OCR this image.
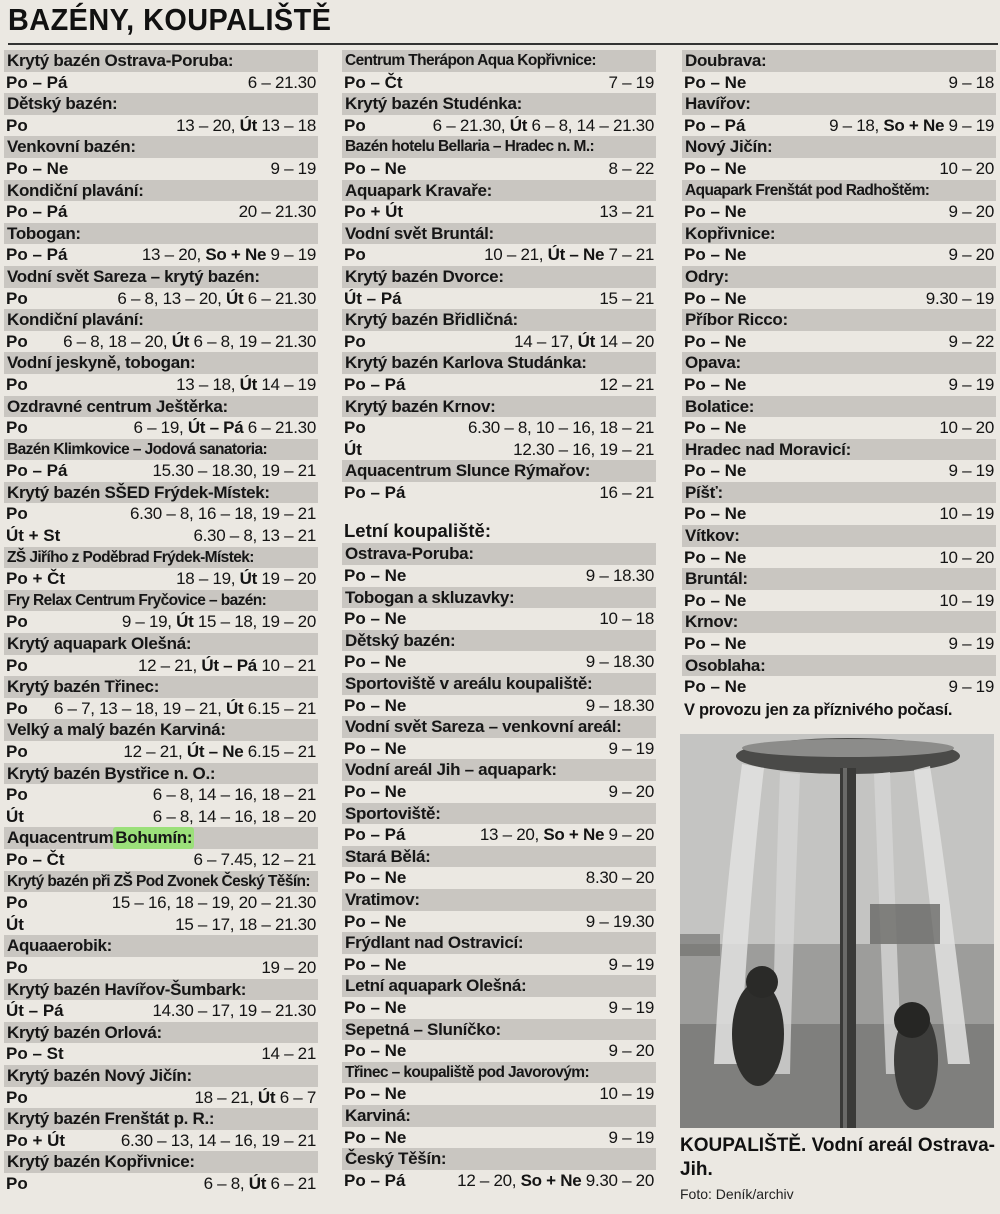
BAZÉNY, KOUPALIŠTĚ
Krytý bazén Ostrava-Poruba:
Po – Pá	6 – 21.30
Dětský bazén:
Po	13 – 20, Út 13 – 18
Venkovní bazén:
Po – Ne	9 – 19
Kondiční plavání:
Po – Pá	20 – 21.30
Tobogan:
Po – Pá	13 – 20, So + Ne 9 – 19
Vodní svět Sareza – krytý bazén:
Po	6 – 8, 13 – 20, Út 6 – 21.30
Kondiční plavání:
Po	6 – 8, 18 – 20, Út 6 – 8, 19 – 21.30
Vodní jeskyně, tobogan:
Po	13 – 18, Út 14 – 19
Ozdravné centrum Ještěrka:
Po	6 – 19, Út – Pá 6 – 21.30
Bazén Klimkovice – Jodová sanatoria:
Po – Pá	15.30 – 18.30, 19 – 21
Krytý bazén SŠED Frýdek-Místek:
Po	6.30 – 8, 16 – 18, 19 – 21
Út + St	6.30 – 8, 13 – 21
ZŠ Jiřího z Poděbrad Frýdek-Místek:
Po + Čt	18 – 19, Út 19 – 20
Fry Relax Centrum Fryčovice – bazén:
Po	9 – 19, Út 15 – 18, 19 – 20
Krytý aquapark Olešná:
Po	12 – 21, Út – Pá 10 – 21
Krytý bazén Třinec:
Po	6 – 7, 13 – 18, 19 – 21, Út 6.15 – 21
Velký a malý bazén Karviná:
Po	12 – 21, Út – Ne 6.15 – 21
Krytý bazén Bystřice n. O.:
Po	6 – 8, 14 – 16, 18 – 21
Út	6 – 8, 14 – 16, 18 – 20
Aquacentrum Bohumín:
Po – Čt	6 – 7.45, 12 – 21
Krytý bazén při ZŠ Pod Zvonek Český Těšín:
Po	15 – 16, 18 – 19, 20 – 21.30
Út	15 – 17, 18 – 21.30
Aquaaerobik:
Po	19 – 20
Krytý bazén Havířov-Šumbark:
Út – Pá	14.30 – 17, 19 – 21.30
Krytý bazén Orlová:
Po – St	14 – 21
Krytý bazén Nový Jičín:
Po	18 – 21, Út 6 – 7
Krytý bazén Frenštát p. R.:
Po + Út	6.30 – 13, 14 – 16, 19 – 21
Krytý bazén Kopřivnice:
Po	6 – 8, Út 6 – 21
Centrum Therápon Aqua Kopřivnice:
Po – Čt	7 – 19
Krytý bazén Studénka:
Po	6 – 21.30, Út 6 – 8, 14 – 21.30
Bazén hotelu Bellaria – Hradec n. M.:
Po – Ne	8 – 22
Aquapark Kravaře:
Po + Út	13 – 21
Vodní svět Bruntál:
Po	10 – 21, Út – Ne 7 – 21
Krytý bazén Dvorce:
Út – Pá	15 – 21
Krytý bazén Břidličná:
Po	14 – 17, Út 14 – 20
Krytý bazén Karlova Studánka:
Po – Pá	12 – 21
Krytý bazén Krnov:
Po	6.30 – 8, 10 – 16, 18 – 21
Út	12.30 – 16, 19 – 21
Aquacentrum Slunce Rýmařov:
Po – Pá	16 – 21
Letní koupaliště:
Ostrava-Poruba:
Po – Ne	9 – 18.30
Tobogan a skluzavky:
Po – Ne	10 – 18
Dětský bazén:
Po – Ne	9 – 18.30
Sportoviště v areálu koupaliště:
Po – Ne	9 – 18.30
Vodní svět Sareza – venkovní areál:
Po – Ne	9 – 19
Vodní areál Jih – aquapark:
Po – Ne	9 – 20
Sportoviště:
Po – Pá	13 – 20, So + Ne 9 – 20
Stará Bělá:
Po – Ne	8.30 – 20
Vratimov:
Po – Ne	9 – 19.30
Frýdlant nad Ostravicí:
Po – Ne	9 – 19
Letní aquapark Olešná:
Po – Ne	9 – 19
Sepetná – Sluníčko:
Po – Ne	9 – 20
Třinec – koupaliště pod Javorovým:
Po – Ne	10 – 19
Karviná:
Po – Ne	9 – 19
Český Těšín:
Po – Pá	12 – 20, So + Ne 9.30 – 20
Doubrava:
Po – Ne	9 – 18
Havířov:
Po – Pá	9 – 18, So + Ne 9 – 19
Nový Jičín:
Po – Ne	10 – 20
Aquapark Frenštát pod Radhoštěm:
Po – Ne	9 – 20
Kopřivnice:
Po – Ne	9 – 20
Odry:
Po – Ne	9.30 – 19
Příbor Ricco:
Po – Ne	9 – 22
Opava:
Po – Ne	9 – 19
Bolatice:
Po – Ne	10 – 20
Hradec nad Moravicí:
Po – Ne	9 – 19
Píšť:
Po – Ne	10 – 19
Vítkov:
Po – Ne	10 – 20
Bruntál:
Po – Ne	10 – 19
Krnov:
Po – Ne	9 – 19
Osoblaha:
Po – Ne	9 – 19
V provozu jen za příznivého počasí.
KOUPALIŠTĚ. Vodní areál Ostrava-Jih.
Foto: Deník/archiv
